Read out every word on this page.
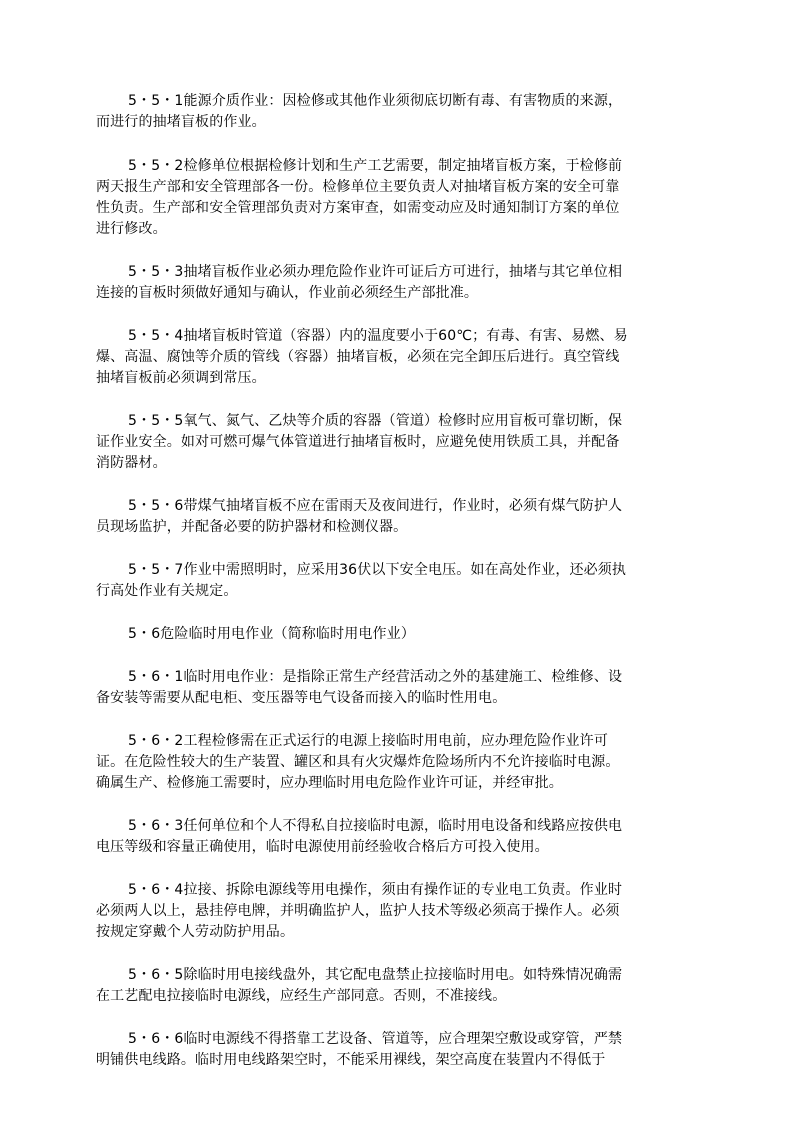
5・5・1能源介质作业：因检修或其他作业须彻底切断有毒、有害物质的来源，
而进行的抽堵盲板的作业。

5・5・2检修单位根据检修计划和生产工艺需要，制定抽堵盲板方案，于检修前
两天报生产部和安全管理部各一份。检修单位主要负责人对抽堵盲板方案的安全可靠
性负责。生产部和安全管理部负责对方案审查，如需变动应及时通知制订方案的单位
进行修改。

5・5・3抽堵盲板作业必须办理危险作业许可证后方可进行，抽堵与其它单位相
连接的盲板时须做好通知与确认，作业前必须经生产部批准。

5・5・4抽堵盲板时管道（容器）内的温度要小于60℃；有毒、有害、易燃、易
爆、高温、腐蚀等介质的管线（容器）抽堵盲板，必须在完全卸压后进行。真空管线
抽堵盲板前必须调到常压。

5・5・5氧气、氮气、乙炔等介质的容器（管道）检修时应用盲板可靠切断，保
证作业安全。如对可燃可爆气体管道进行抽堵盲板时，应避免使用铁质工具，并配备
消防器材。

5・5・6带煤气抽堵盲板不应在雷雨天及夜间进行，作业时，必须有煤气防护人
员现场监护，并配备必要的防护器材和检测仪器。

5・5・7作业中需照明时，应采用36伏以下安全电压。如在高处作业，还必须执
行高处作业有关规定。

5・6危险临时用电作业（简称临时用电作业）

5・6・1临时用电作业：是指除正常生产经营活动之外的基建施工、检维修、设
备安装等需要从配电柜、变压器等电气设备而接入的临时性用电。

5・6・2工程检修需在正式运行的电源上接临时用电前，应办理危险作业许可
证。在危险性较大的生产装置、罐区和具有火灾爆炸危险场所内不允许接临时电源。
确属生产、检修施工需要时，应办理临时用电危险作业许可证，并经审批。

5・6・3任何单位和个人不得私自拉接临时电源，临时用电设备和线路应按供电
电压等级和容量正确使用，临时电源使用前经验收合格后方可投入使用。

5・6・4拉接、拆除电源线等用电操作，须由有操作证的专业电工负责。作业时
必须两人以上，悬挂停电牌，并明确监护人，监护人技术等级必须高于操作人。必须
按规定穿戴个人劳动防护用品。

5・6・5除临时用电接线盘外，其它配电盘禁止拉接临时用电。如特殊情况确需
在工艺配电拉接临时电源线，应经生产部同意。否则，不准接线。

5・6・6临时电源线不得搭靠工艺设备、管道等，应合理架空敷设或穿管，严禁
明铺供电线路。临时用电线路架空时，不能采用裸线，架空高度在装置内不得低于
